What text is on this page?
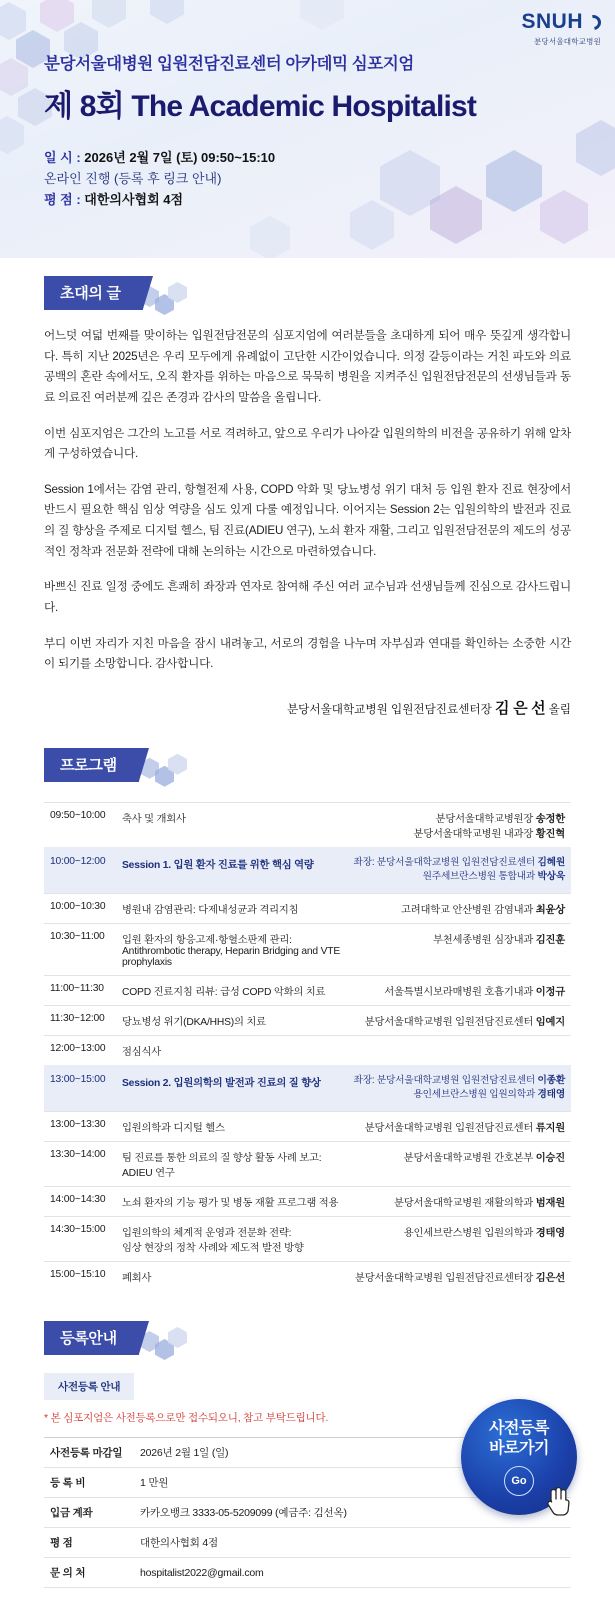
SNUH
분당서울대학교병원
분당서울대병원 입원전담진료센터 아카데믹 심포지엄
제 8회 The Academic Hospitalist
일 시 : 2026년 2월 7일 (토) 09:50~15:10
온라인 진행 (등록 후 링크 안내)
평 점 : 대한의사협회 4점
초대의 글

어느덧 여덟 번째를 맞이하는 입원전담전문의 심포지엄에 여러분들을 초대하게 되어 매우 뜻깊게 생각합니다. 특히 지난 2025년은 우리 모두에게 유례없이 고단한 시간이었습니다. 의정 갈등이라는 거친 파도와 의료 공백의 혼란 속에서도, 오직 환자를 위하는 마음으로 묵묵히 병원을 지켜주신 입원전담전문의 선생님들과 동료 의료진 여러분께 깊은 존경과 감사의 말씀을 올립니다.

이번 심포지엄은 그간의 노고를 서로 격려하고, 앞으로 우리가 나아갈 입원의학의 비전을 공유하기 위해 알차게 구성하였습니다.

Session 1에서는 감염 관리, 항혈전제 사용, COPD 악화 및 당뇨병성 위기 대처 등 입원 환자 진료 현장에서 반드시 필요한 핵심 임상 역량을 심도 있게 다룰 예정입니다. 이어지는 Session 2는 입원의학의 발전과 진료의 질 향상을 주제로 디지털 헬스, 팀 진료(ADIEU 연구), 노쇠 환자 재활, 그리고 입원전담전문의 제도의 성공적인 정착과 전문화 전략에 대해 논의하는 시간으로 마련하였습니다.

바쁘신 진료 일정 중에도 흔쾌히 좌장과 연자로 참여해 주신 여러 교수님과 선생님들께 진심으로 감사드립니다.

부디 이번 자리가 지친 마음을 잠시 내려놓고, 서로의 경험을 나누며 자부심과 연대를 확인하는 소중한 시간이 되기를 소망합니다. 감사합니다.

분당서울대학교병원 입원전담진료센터장 김 은 선 올림
프로그램
09:50~10:00	축사 및 개회사	분당서울대학교병원장 송정한
분당서울대학교병원 내과장 황진혁
10:00~12:00	Session 1. 입원 환자 진료를 위한 핵심 역량	좌장: 분당서울대학교병원 입원전담진료센터 김혜원
원주세브란스병원 통합내과 박상욱
10:00~10:30	병원내 감염관리: 다제내성균과 격리지침	고려대학교 안산병원 감염내과 최윤상
10:30~11:00	입원 환자의 항응고제·항혈소판제 관리:
Antithrombotic therapy, Heparin Bridging and VTE prophylaxis	부천세종병원 심장내과 김진훈
11:00~11:30	COPD 진료지침 리뷰: 급성 COPD 악화의 치료	서울특별시보라매병원 호흡기내과 이정규
11:30~12:00	당뇨병성 위기(DKA/HHS)의 치료	분당서울대학교병원 입원전담진료센터 임예지
12:00~13:00	점심식사	
13:00~15:00	Session 2. 입원의학의 발전과 진료의 질 향상	좌장: 분당서울대학교병원 입원전담진료센터 이종환
용인세브란스병원 입원의학과 경태영
13:00~13:30	입원의학과 디지털 헬스	분당서울대학교병원 입원전담진료센터 류지원
13:30~14:00	팀 진료를 통한 의료의 질 향상 활동 사례 보고: ADIEU 연구	분당서울대학교병원 간호본부 이승진
14:00~14:30	노쇠 환자의 기능 평가 및 병동 재활 프로그램 적용	분당서울대학교병원 재활의학과 범재원
14:30~15:00	입원의학의 체계적 운영과 전문화 전략:
임상 현장의 정착 사례와 제도적 발전 방향	용인세브란스병원 입원의학과 경태영
15:00~15:10	폐회사	분당서울대학교병원 입원전담진료센터장 김은선
등록안내
사전등록 안내

* 본 심포지엄은 사전등록으로만 접수되오니, 참고 부탁드립니다.

사전등록 마감일	2026년 2월 1일 (일)
등 록 비	1 만원
입금 계좌	카카오뱅크 3333-05-5209099 (예금주: 김선옥)
평 점	대한의사협회 4점
문 의 처	hospitalist2022@gmail.com
사전등록
바로가기
Go
